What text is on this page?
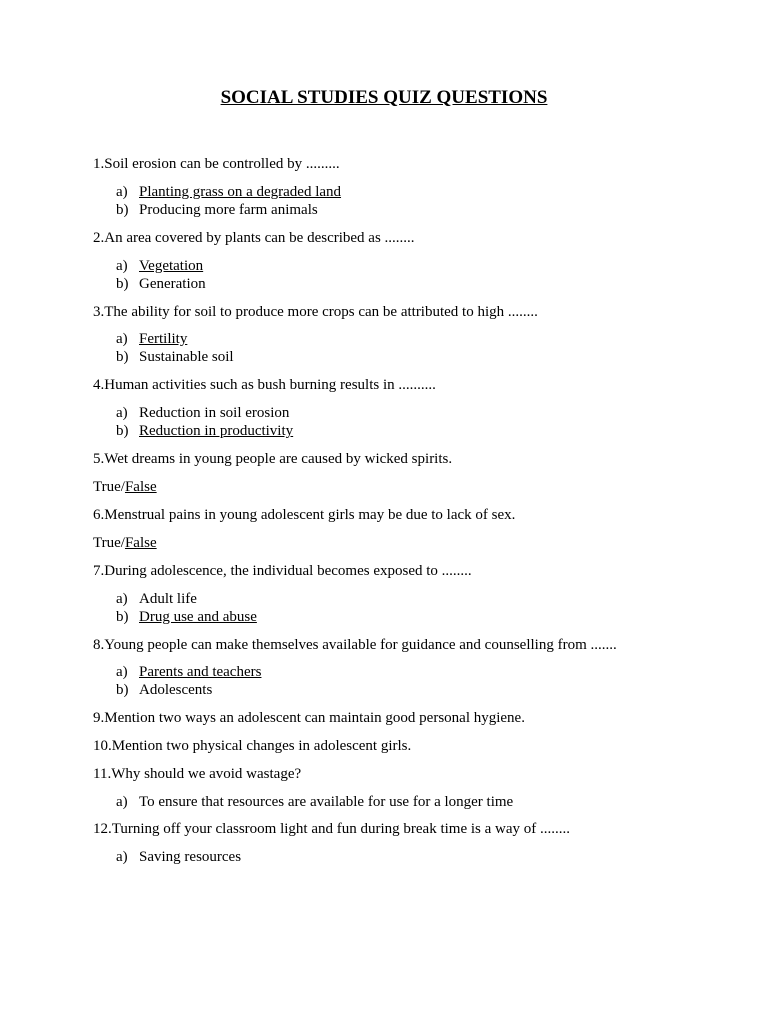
SOCIAL STUDIES QUIZ QUESTIONS
1.Soil erosion can be controlled by .........
a) Planting grass on a degraded land
b) Producing more farm animals
2.An area covered by plants can be described as ........
a) Vegetation
b) Generation
3.The ability for soil to produce more crops can be attributed to high ........
a) Fertility
b) Sustainable soil
4.Human activities such as bush burning results in ..........
a) Reduction in soil erosion
b) Reduction in productivity
5.Wet dreams in young people are caused by wicked spirits.
True/False
6.Menstrual pains in young adolescent girls may be due to lack of sex.
True/False
7.During adolescence, the individual becomes exposed to ........
a) Adult life
b) Drug use and abuse
8.Young people can make themselves available for guidance and counselling from .......
a) Parents and teachers
b) Adolescents
9.Mention two ways an adolescent can maintain good personal hygiene.
10.Mention two physical changes in adolescent girls.
11.Why should we avoid wastage?
a) To ensure that resources are available for use for a longer time
12.Turning off your classroom light and fun during break time is a way of ........
a) Saving resources
